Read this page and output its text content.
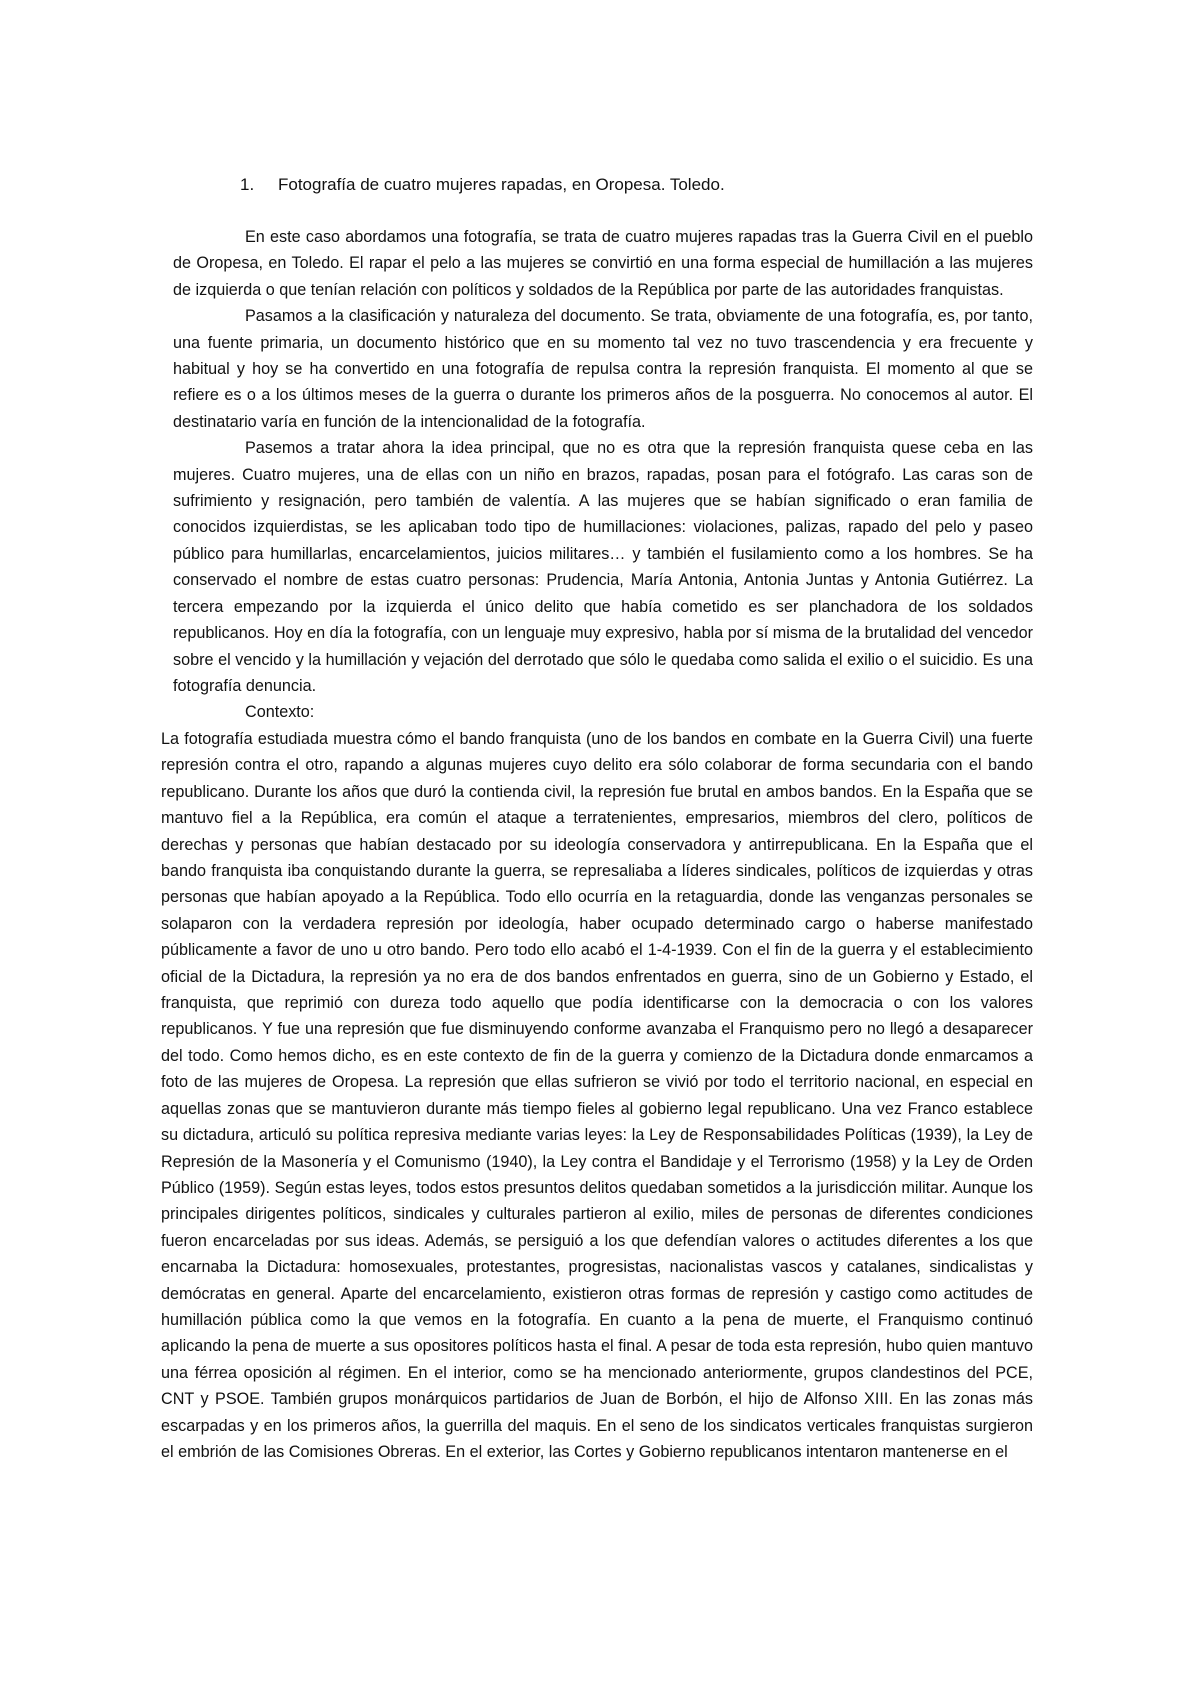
1. Fotografía de cuatro mujeres rapadas, en Oropesa. Toledo.

En este caso abordamos una fotografía, se trata de cuatro mujeres rapadas tras la Guerra Civil en el pueblo de Oropesa, en Toledo. El rapar el pelo a las mujeres se convirtió en una forma especial de humillación a las mujeres de izquierda o que tenían relación con políticos y soldados de la República por parte de las autoridades franquistas.

Pasamos a la clasificación y naturaleza del documento. Se trata, obviamente de una fotografía, es, por tanto, una fuente primaria, un documento histórico que en su momento tal vez no tuvo trascendencia y era frecuente y habitual y hoy se ha convertido en una fotografía de repulsa contra la represión franquista. El momento al que se refiere es o a los últimos meses de la guerra o durante los primeros años de la posguerra. No conocemos al autor. El destinatario varía en función de la intencionalidad de la fotografía.

Pasemos a tratar ahora la idea principal, que no es otra que la represión franquista quese ceba en las mujeres. Cuatro mujeres, una de ellas con un niño en brazos, rapadas, posan para el fotógrafo. Las caras son de sufrimiento y resignación, pero también de valentía. A las mujeres que se habían significado o eran familia de conocidos izquierdistas, se les aplicaban todo tipo de humillaciones: violaciones, palizas, rapado del pelo y paseo público para humillarlas, encarcelamientos, juicios militares… y también el fusilamiento como a los hombres. Se ha conservado el nombre de estas cuatro personas: Prudencia, María Antonia, Antonia Juntas y Antonia Gutiérrez. La tercera empezando por la izquierda el único delito que había cometido es ser planchadora de los soldados republicanos. Hoy en día la fotografía, con un lenguaje muy expresivo, habla por sí misma de la brutalidad del vencedor sobre el vencido y la humillación y vejación del derrotado que sólo le quedaba como salida el exilio o el suicidio. Es una fotografía denuncia.

Contexto:

La fotografía estudiada muestra cómo el bando franquista (uno de los bandos en combate en la Guerra Civil) una fuerte represión contra el otro, rapando a algunas mujeres cuyo delito era sólo colaborar de forma secundaria con el bando republicano. Durante los años que duró la contienda civil, la represión fue brutal en ambos bandos. En la España que se mantuvo fiel a la República, era común el ataque a terratenientes, empresarios, miembros del clero, políticos de derechas y personas que habían destacado por su ideología conservadora y antirrepublicana. En la España que el bando franquista iba conquistando durante la guerra, se represaliaba a líderes sindicales, políticos de izquierdas y otras personas que habían apoyado a la República. Todo ello ocurría en la retaguardia, donde las venganzas personales se solaparon con la verdadera represión por ideología, haber ocupado determinado cargo o haberse manifestado públicamente a favor de uno u otro bando. Pero todo ello acabó el 1-4-1939. Con el fin de la guerra y el establecimiento oficial de la Dictadura, la represión ya no era de dos bandos enfrentados en guerra, sino de un Gobierno y Estado, el franquista, que reprimió con dureza todo aquello que podía identificarse con la democracia o con los valores republicanos. Y fue una represión que fue disminuyendo conforme avanzaba el Franquismo pero no llegó a desaparecer del todo. Como hemos dicho, es en este contexto de fin de la guerra y comienzo de la Dictadura donde enmarcamos a foto de las mujeres de Oropesa. La represión que ellas sufrieron se vivió por todo el territorio nacional, en especial en aquellas zonas que se mantuvieron durante más tiempo fieles al gobierno legal republicano. Una vez Franco establece su dictadura, articuló su política represiva mediante varias leyes: la Ley de Responsabilidades Políticas (1939), la Ley de Represión de la Masonería y el Comunismo (1940), la Ley contra el Bandidaje y el Terrorismo (1958) y la Ley de Orden Público (1959). Según estas leyes, todos estos presuntos delitos quedaban sometidos a la jurisdicción militar. Aunque los principales dirigentes políticos, sindicales y culturales partieron al exilio, miles de personas de diferentes condiciones fueron encarceladas por sus ideas. Además, se persiguió a los que defendían valores o actitudes diferentes a los que encarnaba la Dictadura: homosexuales, protestantes, progresistas, nacionalistas vascos y catalanes, sindicalistas y demócratas en general. Aparte del encarcelamiento, existieron otras formas de represión y castigo como actitudes de humillación pública como la que vemos en la fotografía. En cuanto a la pena de muerte, el Franquismo continuó aplicando la pena de muerte a sus opositores políticos hasta el final. A pesar de toda esta represión, hubo quien mantuvo una férrea oposición al régimen. En el interior, como se ha mencionado anteriormente, grupos clandestinos del PCE, CNT y PSOE. También grupos monárquicos partidarios de Juan de Borbón, el hijo de Alfonso XIII. En las zonas más escarpadas y en los primeros años, la guerrilla del maquis. En el seno de los sindicatos verticales franquistas surgieron el embrión de las Comisiones Obreras. En el exterior, las Cortes y Gobierno republicanos intentaron mantenerse en el
